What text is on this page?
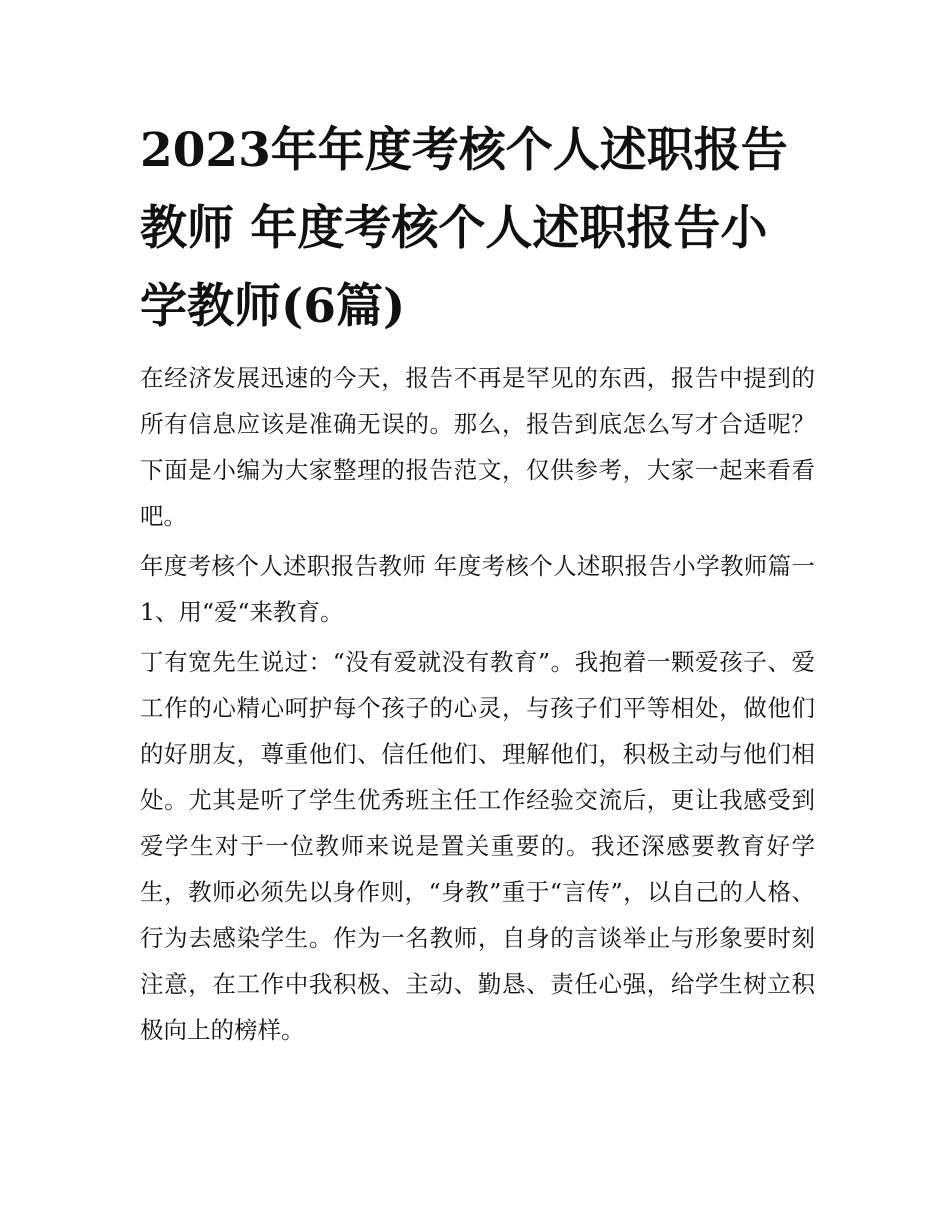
2023年年度考核个人述职报告教师 年度考核个人述职报告小学教师(6篇)

在经济发展迅速的今天，报告不再是罕见的东西，报告中提到的所有信息应该是准确无误的。那么，报告到底怎么写才合适呢？下面是小编为大家整理的报告范文，仅供参考，大家一起来看看吧。

年度考核个人述职报告教师 年度考核个人述职报告小学教师篇一1、用“爱“来教育。

丁有宽先生说过：“没有爱就没有教育”。我抱着一颗爱孩子、爱工作的心精心呵护每个孩子的心灵，与孩子们平等相处，做他们的好朋友，尊重他们、信任他们、理解他们，积极主动与他们相处。尤其是听了学生优秀班主任工作经验交流后，更让我感受到爱学生对于一位教师来说是置关重要的。我还深感要教育好学生，教师必须先以身作则，“身教”重于“言传”，以自己的人格、行为去感染学生。作为一名教师，自身的言谈举止与形象要时刻注意，在工作中我积极、主动、勤恳、责任心强，给学生树立积极向上的榜样。
